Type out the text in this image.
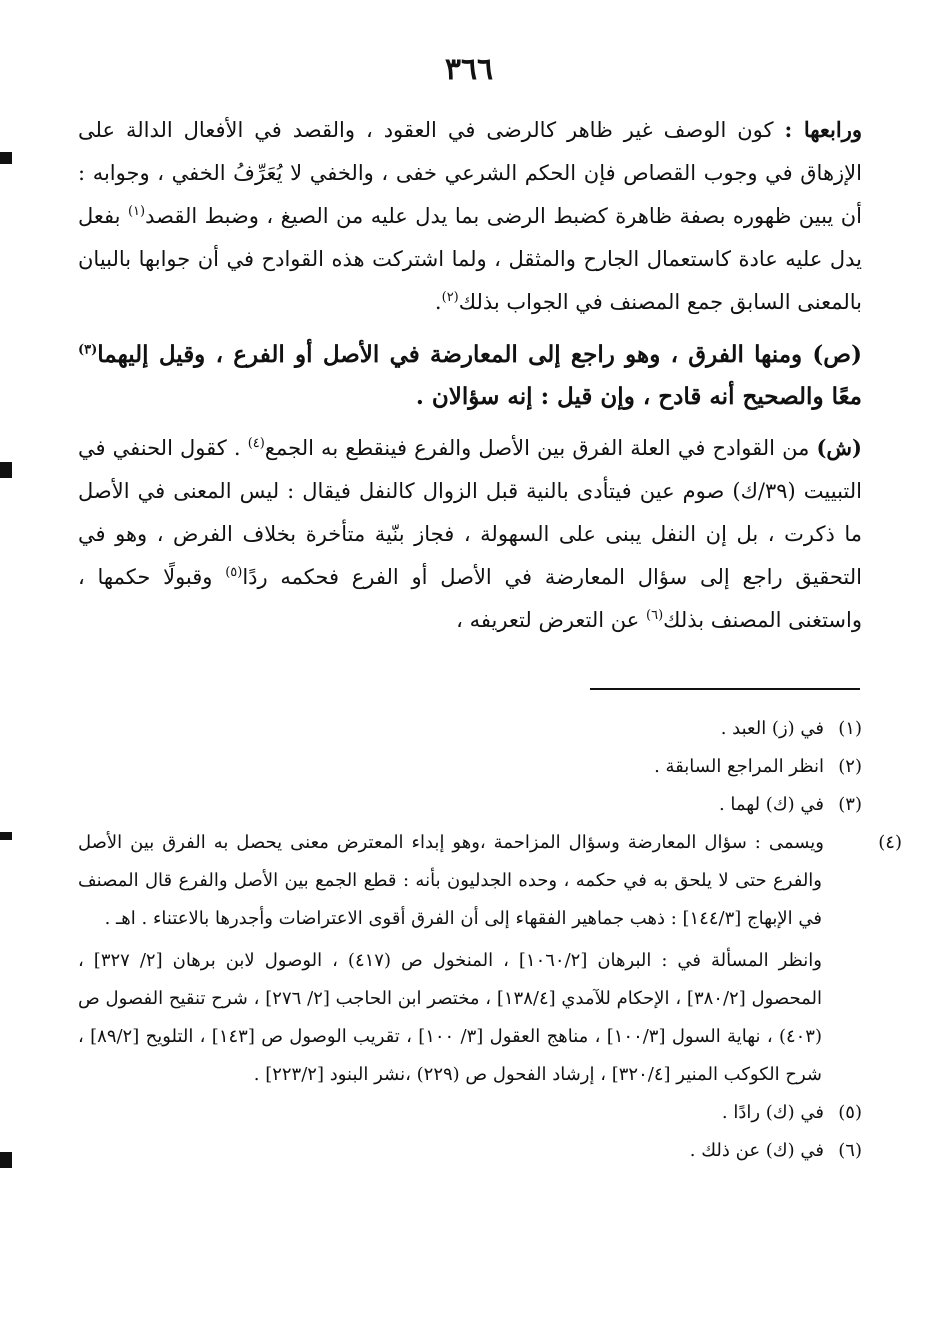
٣٦٦

ورابعها : كون الوصف غير ظاهر كالرضى في العقود ، والقصد في الأفعال الدالة على الإزهاق في وجوب القصاص فإن الحكم الشرعي خفى ، والخفي لا يُعَرِّفُ الخفي ، وجوابه : أن يبين ظهوره بصفة ظاهرة كضبط الرضى بما يدل عليه من الصيغ ، وضبط القصد$^{(١)}$ بفعل يدل عليه عادة كاستعمال الجارح والمثقل ، ولما اشتركت هذه القوادح في أن جوابها بالبيان بالمعنى السابق جمع المصنف في الجواب بذلك$^{(٢)}$.

(ص) ومنها الفرق ، وهو راجع إلى المعارضة في الأصل أو الفرع ، وقيل إليهما$^{(٣)}$ معًا والصحيح أنه قادح ، وإن قيل : إنه سؤالان .

(ش) من القوادح في العلة الفرق بين الأصل والفرع فينقطع به الجمع$^{(٤)}$ . كقول الحنفي في التبييت (٣٩/ك) صوم عين فيتأدى بالنية قبل الزوال كالنفل فيقال : ليس المعنى في الأصل ما ذكرت ، بل إن النفل يبنى على السهولة ، فجاز بنّية متأخرة بخلاف الفرض ، وهو في التحقيق راجع إلى سؤال المعارضة في الأصل أو الفرع فحكمه ردًا$^{(٥)}$ وقبولًا حكمها ، واستغنى المصنف بذلك$^{(٦)}$ عن التعرض لتعريفه ،

(١)في (ز) العبد .

(٢)انظر المراجع السابقة .

(٣)في (ك) لهما .

(٤)ويسمى : سؤال المعارضة وسؤال المزاحمة ،وهو إبداء المعترض معنى يحصل به الفرق بين الأصل والفرع حتى لا يلحق به في حكمه ، وحده الجدليون بأنه : قطع الجمع بين الأصل والفرع قال المصنف في الإبهاج [١٤٤/٣] : ذهب جماهير الفقهاء إلى أن الفرق أقوى الاعتراضات وأجدرها بالاعتناء . اهـ .

وانظر المسألة في : البرهان [١٠٦٠/٢] ، المنخول ص (٤١٧) ، الوصول لابن برهان [٢/ ٣٢٧] ، المحصول [٣٨٠/٢] ، الإحكام للآمدي [١٣٨/٤] ، مختصر ابن الحاجب [٢/ ٢٧٦] ، شرح تنقيح الفصول ص (٤٠٣) ، نهاية السول [١٠٠/٣] ، مناهج العقول [٣/ ١٠٠] ، تقريب الوصول ص [١٤٣] ، التلويح [٨٩/٢] ، شرح الكوكب المنير [٣٢٠/٤] ، إرشاد الفحول ص (٢٢٩) ،نشر البنود [٢٢٣/٢] .

(٥)في (ك) رادًا .

(٦)في (ك) عن ذلك .
